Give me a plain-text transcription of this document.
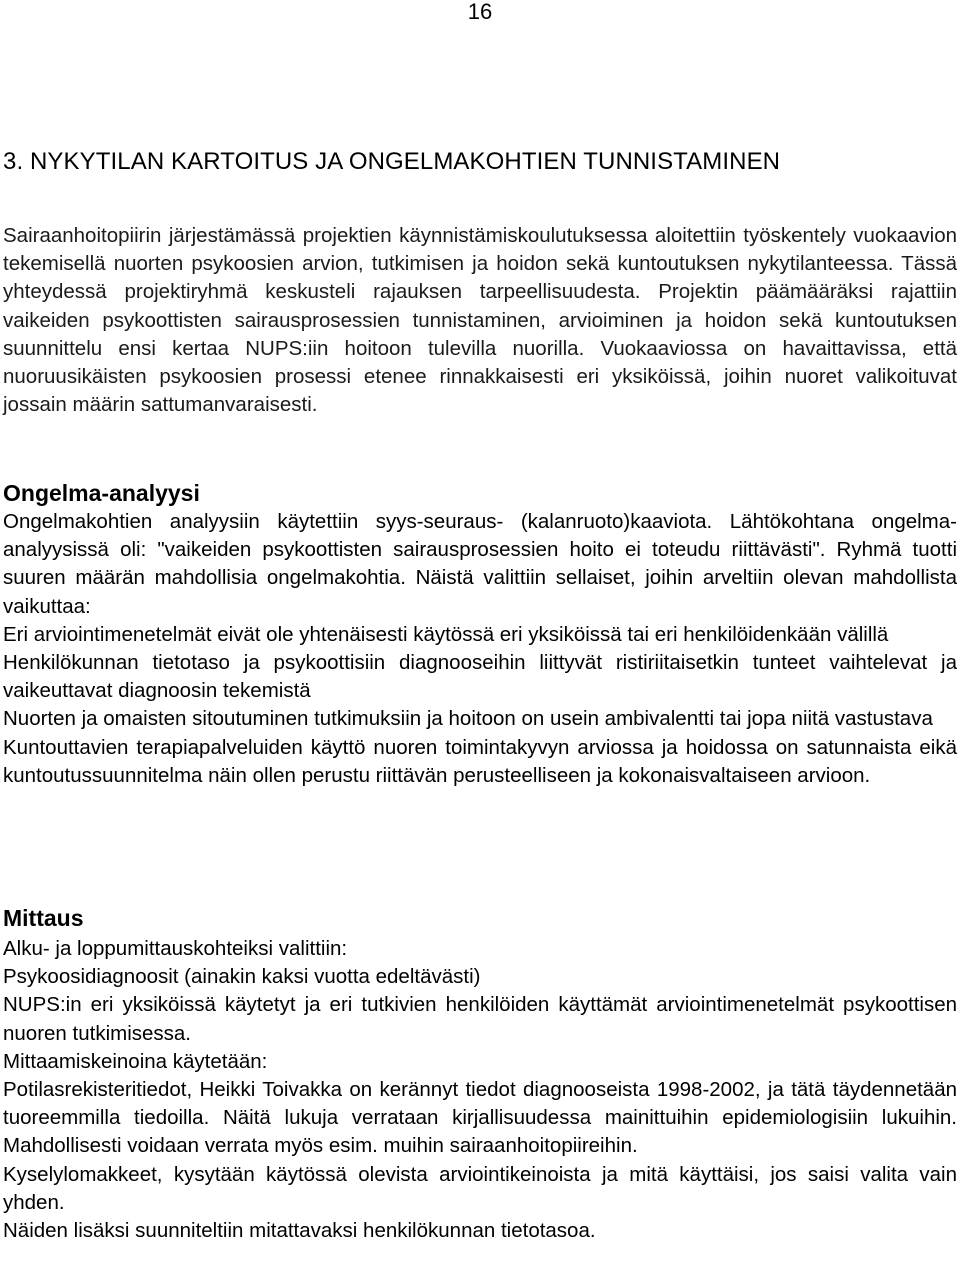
16
3. NYKYTILAN KARTOITUS JA ONGELMAKOHTIEN TUNNISTAMINEN

Sairaanhoitopiirin järjestämässä projektien käynnistämiskoulutuksessa aloitettiin työskentely vuokaavion tekemisellä nuorten psykoosien arvion, tutkimisen ja hoidon sekä kuntoutuksen nykytilanteessa. Tässä yhteydessä projektiryhmä keskusteli rajauksen tarpeellisuudesta. Projektin päämääräksi rajattiin vaikeiden psykoottisten sairausprosessien tunnistaminen, arvioiminen ja hoidon sekä kuntoutuksen suunnittelu ensi kertaa NUPS:iin hoitoon tulevilla nuorilla. Vuokaaviossa on havaittavissa, että nuoruusikäisten psykoosien prosessi etenee rinnakkaisesti eri yksiköissä, joihin nuoret valikoituvat jossain määrin sattumanvaraisesti.

Ongelma-analyysi

Ongelmakohtien analyysiin käytettiin syys-seuraus- (kalanruoto)kaaviota. Lähtökohtana ongelma-analyysissä oli: "vaikeiden psykoottisten sairausprosessien hoito ei toteudu riittävästi". Ryhmä tuotti suuren määrän mahdollisia ongelmakohtia. Näistä valittiin sellaiset, joihin arveltiin olevan mahdollista vaikuttaa:

Eri arviointimenetelmät eivät ole yhtenäisesti käytössä eri yksiköissä tai eri henkilöidenkään välillä

Henkilökunnan tietotaso ja psykoottisiin diagnooseihin liittyvät ristiriitaisetkin tunteet vaihtelevat ja vaikeuttavat diagnoosin tekemistä

Nuorten ja omaisten sitoutuminen tutkimuksiin ja hoitoon on usein ambivalentti tai jopa niitä vastustava

Kuntouttavien terapiapalveluiden käyttö nuoren toimintakyvyn arviossa ja hoidossa on satunnaista eikä kuntoutussuunnitelma näin ollen perustu riittävän perusteelliseen ja kokonaisvaltaiseen arvioon.

Mittaus

Alku- ja loppumittauskohteiksi valittiin:

Psykoosidiagnoosit (ainakin kaksi vuotta edeltävästi)

NUPS:in eri yksiköissä käytetyt ja eri tutkivien henkilöiden käyttämät arviointimenetelmät psykoottisen nuoren tutkimisessa.

Mittaamiskeinoina käytetään:

Potilasrekisteritiedot, Heikki Toivakka on kerännyt tiedot diagnooseista 1998-2002, ja tätä täydennetään tuoreemmilla tiedoilla. Näitä lukuja verrataan kirjallisuudessa mainittuihin epidemiologisiin lukuihin. Mahdollisesti voidaan verrata myös esim. muihin sairaanhoitopiireihin.

Kyselylomakkeet, kysytään käytössä olevista arviointikeinoista ja mitä käyttäisi, jos saisi valita vain yhden.

Näiden lisäksi suunniteltiin mitattavaksi henkilökunnan tietotasoa.
